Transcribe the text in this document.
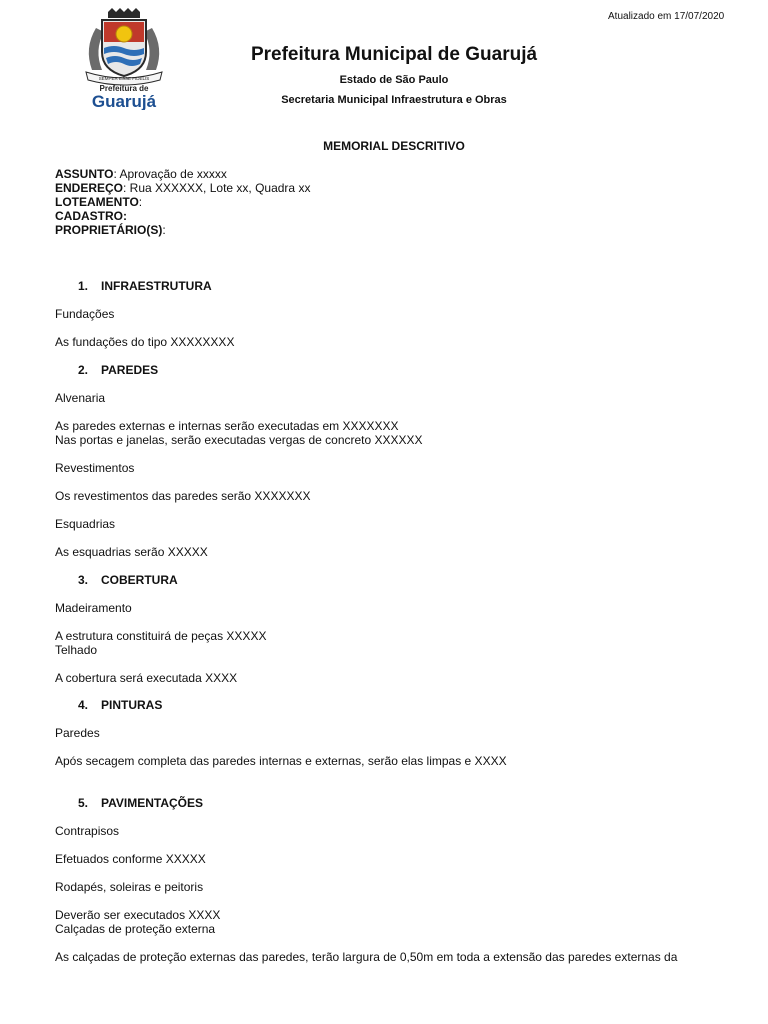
Atualizado em 17/07/2020
SEMPER ESSE FIDELIS
Prefeitura de
Guarujá
Prefeitura Municipal de Guarujá
Estado de São Paulo
Secretaria Municipal Infraestrutura e Obras
MEMORIAL DESCRITIVO
ASSUNTO: Aprovação de xxxxx
ENDEREÇO: Rua XXXXXX, Lote xx, Quadra xx
LOTEAMENTO:
CADASTRO:
PROPRIETÁRIO(S):
1. INFRAESTRUTURA
Fundações
As fundações do tipo XXXXXXXX
2. PAREDES
Alvenaria
As paredes externas e internas serão executadas em XXXXXXX
Nas portas e janelas, serão executadas vergas de concreto XXXXXX
Revestimentos
Os revestimentos das paredes serão XXXXXXX
Esquadrias
As esquadrias serão XXXXX
3. COBERTURA
Madeiramento
A estrutura constituirá de peças XXXXX
Telhado
A cobertura será executada XXXX
4. PINTURAS
Paredes
Após secagem completa das paredes internas e externas, serão elas limpas e XXXX
5. PAVIMENTAÇÕES
Contrapisos
Efetuados conforme XXXXX
Rodapés, soleiras e peitoris
Deverão ser executados XXXX
Calçadas de proteção externa
As calçadas de proteção externas das paredes, terão largura de 0,50m em toda a extensão das paredes externas da
